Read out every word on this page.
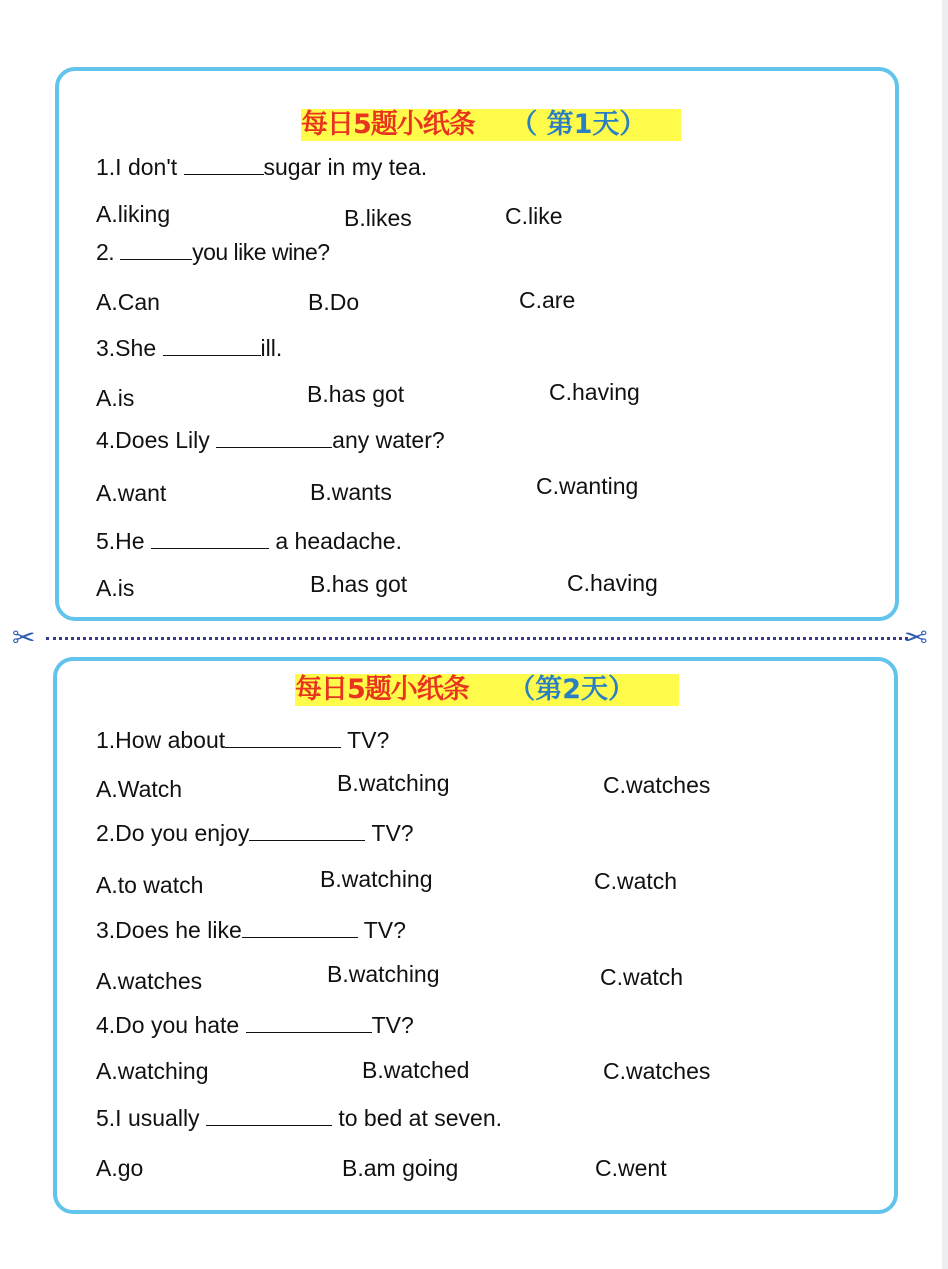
每日5题小纸条 （ 第1天）
1.I don't	sugar in my tea.
A.liking	B.likes	C.like
2.	you like wine?
A.Can	B.Do	C.are
3.She	ill.
A.is	B.has got	C.having
4.Does Lily	any water?
A.want	B.wants	C.wanting
5.He	a headache.
A.is	B.has got	C.having
✂	✂
每日5题小纸条 （第2天）
1.How about	TV?
A.Watch	B.watching	C.watches
2.Do you enjoy	TV?
A.to watch	B.watching	C.watch
3.Does he like	TV?
A.watches	B.watching	C.watch
4.Do you hate	TV?
A.watching	B.watched	C.watches
5.I usually	to bed at seven.
A.go	B.am going	C.went
